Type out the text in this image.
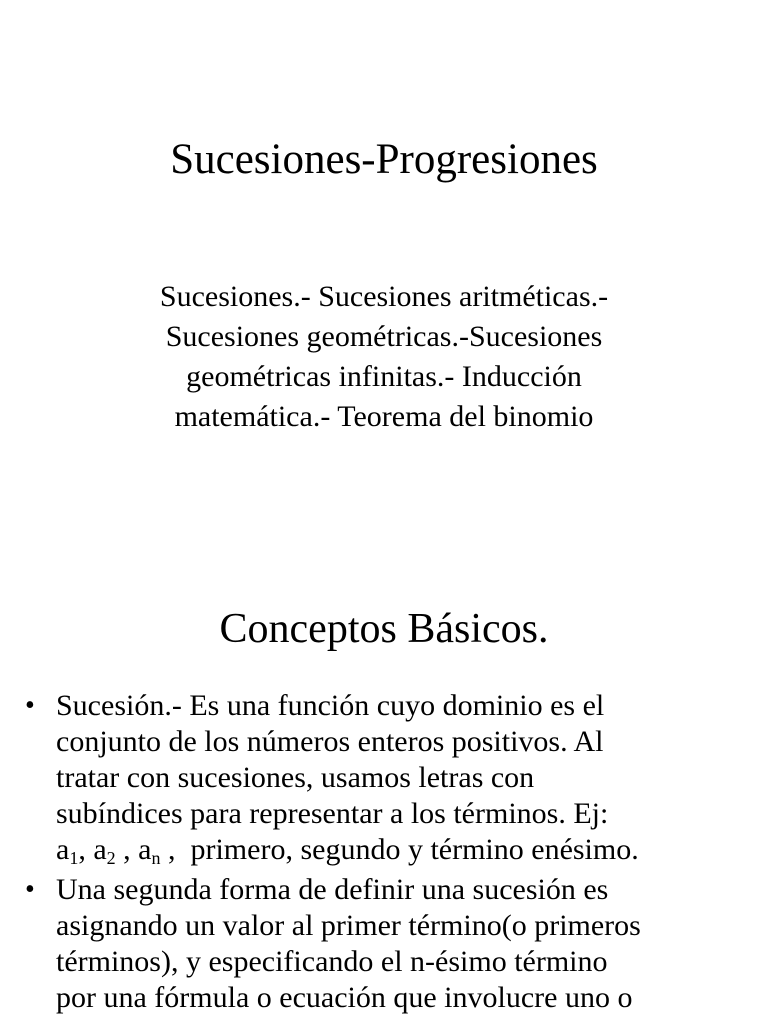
Sucesiones-Progresiones
Sucesiones.- Sucesiones aritméticas.-
Sucesiones geométricas.-Sucesiones
geométricas infinitas.- Inducción
matemática.- Teorema del binomio
Conceptos Básicos.
• Sucesión.- Es una función cuyo dominio es el
conjunto de los números enteros positivos. Al
tratar con sucesiones, usamos letras con
subíndices para representar a los términos. Ej:
$a_1$, $a_2$ , $a_n$ ,  primero, segundo y término enésimo.
• Una segunda forma de definir una sucesión es
asignando un valor al primer término(o primeros
términos), y especificando el n-ésimo término
por una fórmula o ecuación que involucre uno o
